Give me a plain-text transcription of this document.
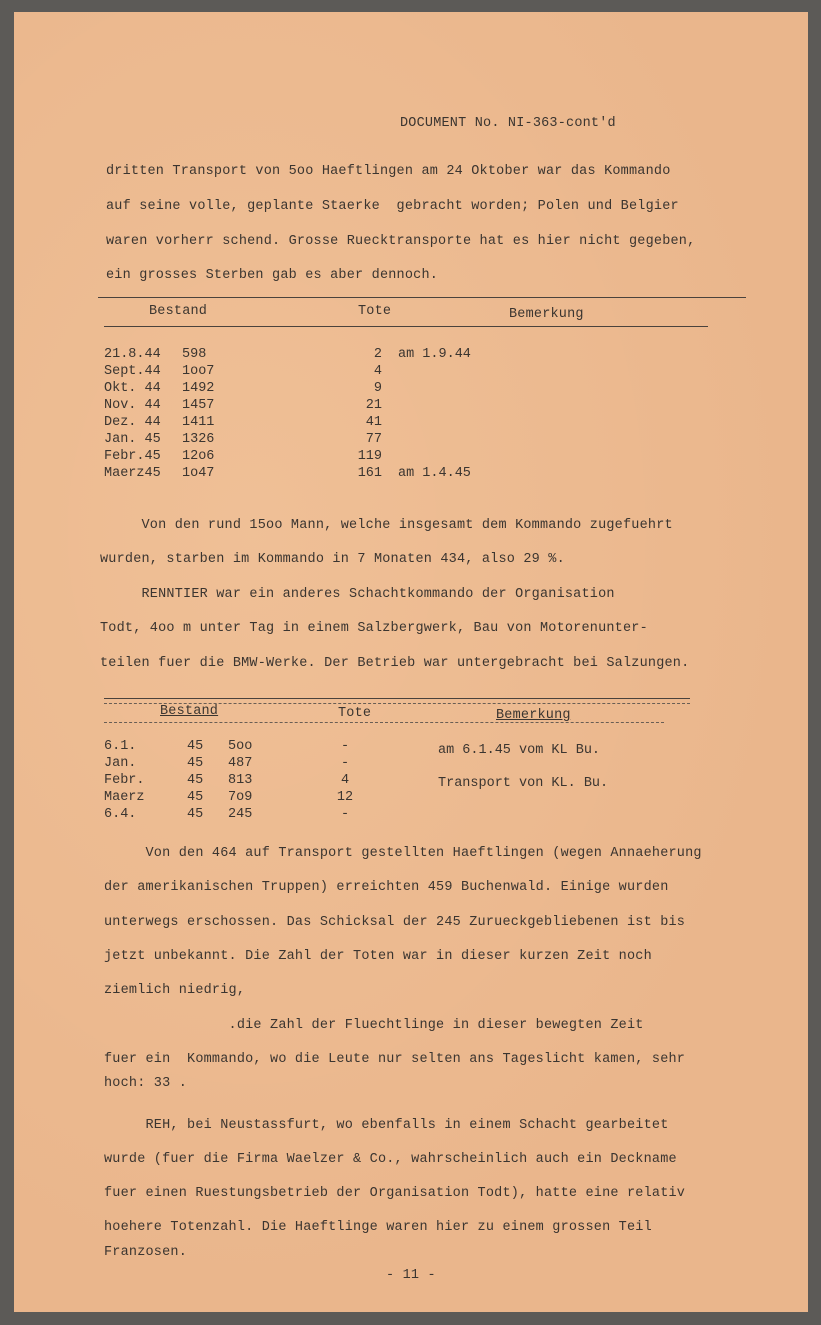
DOCUMENT No. NI-363-cont'd
dritten Transport von 5oo Haeftlingen am 24 Oktober war das Kommando
auf seine volle, geplante Staerke  gebracht worden; Polen und Belgier
waren vorherr schend. Grosse Ruecktransporte hat es hier nicht gegeben,
ein grosses Sterben gab es aber dennoch.
Bestand	Tote	Bemerkung
21.8.44 598	2 am 1.9.44
Sept.44 1oo7	4
Okt. 44 1492	9
Nov. 44 1457	21
Dez. 44 1411	41
Jan. 45 1326	77
Febr.45 12o6	119
Maerz45 1o47	161 am 1.4.45
Von den rund 15oo Mann, welche insgesamt dem Kommando zugefuehrt
wurden, starben im Kommando in 7 Monaten 434, also 29 %.
RENNTIER war ein anderes Schachtkommando der Organisation
Todt, 4oo m unter Tag in einem Salzbergwerk, Bau von Motorenunter-
teilen fuer die BMW-Werke. Der Betrieb war untergebracht bei Salzungen.
Bestand	Tote	Bemerkung
6.1.	45 5oo	-	am 6.1.45 vom KL Bu.
Jan.	45 487	-
Febr.	45 813	4	Transport von KL. Bu.
Maerz	45 7o9	12
6.4.	45 245	-
Von den 464 auf Transport gestellten Haeftlingen (wegen Annaeherung
der amerikanischen Truppen) erreichten 459 Buchenwald. Einige wurden
unterwegs erschossen. Das Schicksal der 245 Zurueckgebliebenen ist bis
jetzt unbekannt. Die Zahl der Toten war in dieser kurzen Zeit noch
ziemlich niedrig,
.die Zahl der Fluechtlinge in dieser bewegten Zeit
fuer ein  Kommando, wo die Leute nur selten ans Tageslicht kamen, sehr
hoch: 33 .
REH, bei Neustassfurt, wo ebenfalls in einem Schacht gearbeitet
wurde (fuer die Firma Waelzer & Co., wahrscheinlich auch ein Deckname
fuer einen Ruestungsbetrieb der Organisation Todt), hatte eine relativ
hoehere Totenzahl. Die Haeftlinge waren hier zu einem grossen Teil
Franzosen.
- 11 -
